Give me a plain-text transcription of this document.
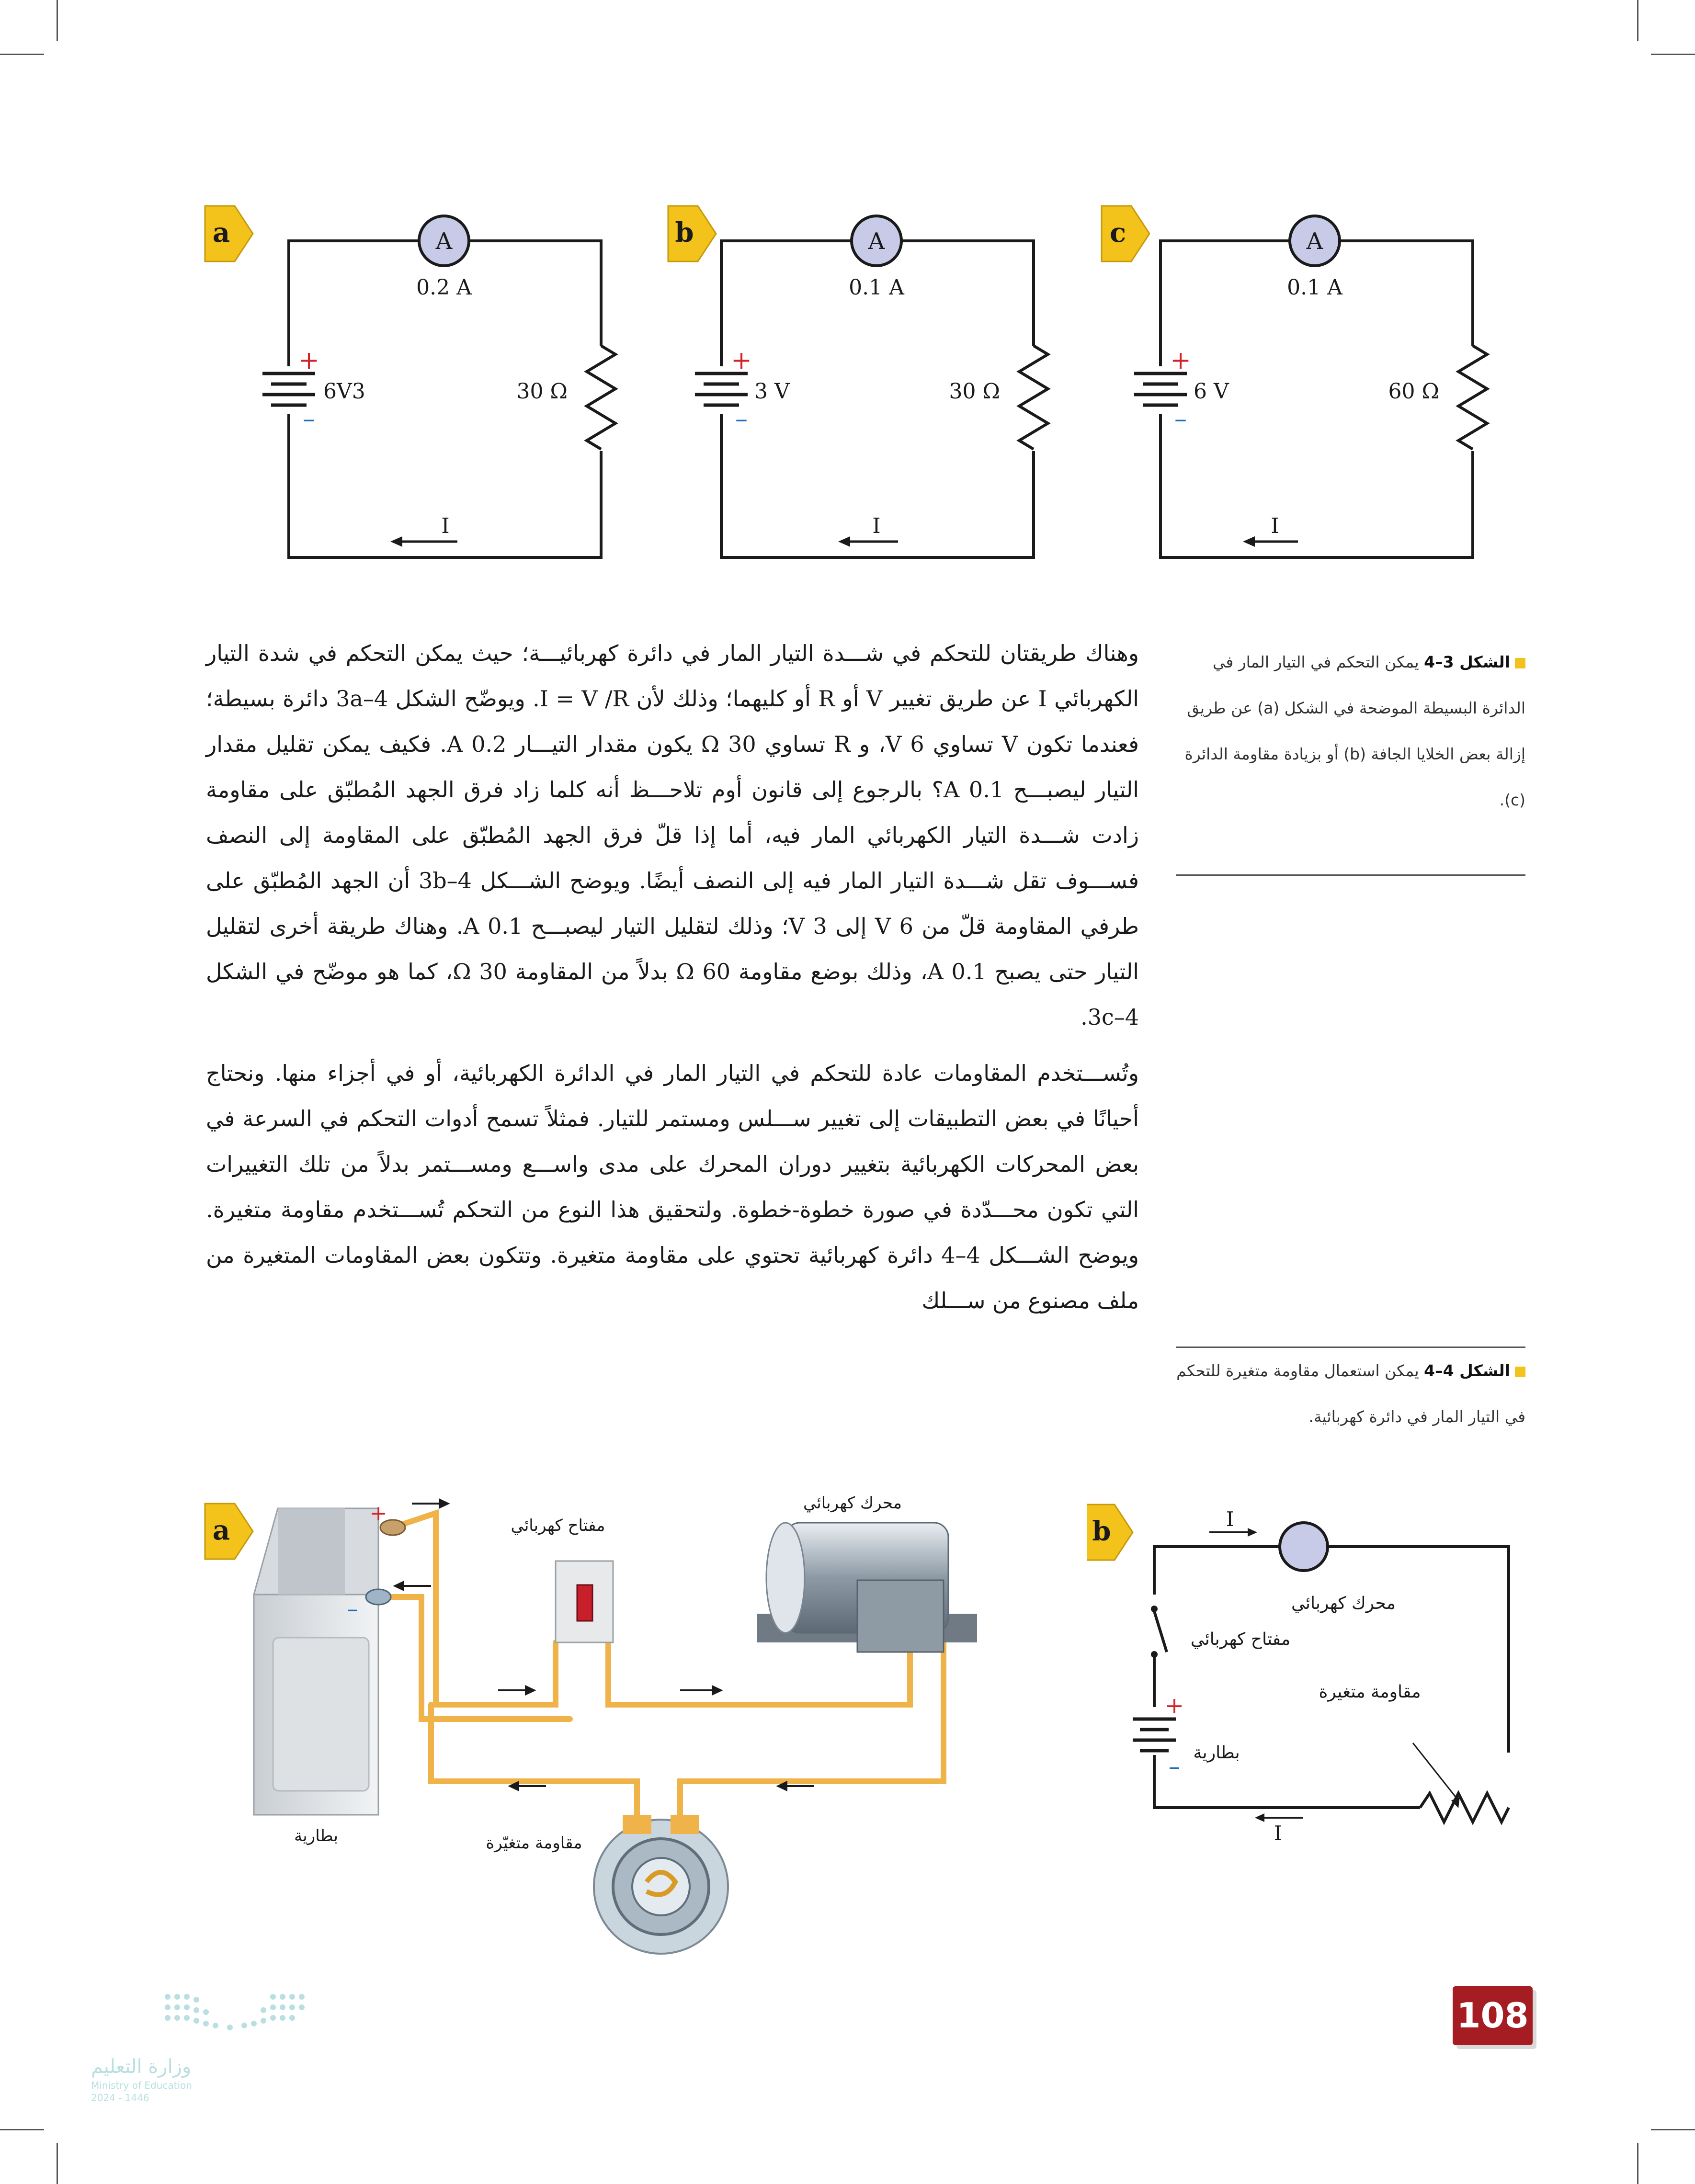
A
0.2 A
6V3	30 Ω
+
–
I
A
0.1 A
3 V	30 Ω
+
–
I
A
0.1 A
6 V	60 Ω
+
–
I
a	b	c
الشكل 3–4 يمكن التحكم في التيار المار في الدائرة البسيطة الموضحة في الشكل (a) عن طريق إزالة بعض الخلايا الجافة (b) أو بزيادة مقاومة الدائرة (c).

وهناك طريقتان للتحكم في شـــدة التيار المار في دائرة كهربائيـــة؛ حيث يمكن التحكم في شدة التيار الكهربائي I عن طريق تغيير V أو R أو كليهما؛ وذلك لأن I = V /R. ويوضّح الشكل 3a–4 دائرة بسيطة؛ فعندما تكون V تساوي 6 V، و R تساوي 30 Ω يكون مقدار التيـــار 0.2 A. فكيف يمكن تقليل مقدار التيار ليصبـــح 0.1 A؟ بالرجوع إلى قانون أوم تلاحـــظ أنه كلما زاد فرق الجهد المُطبّق على مقاومة زادت شـــدة التيار الكهربائي المار فيه، أما إذا قلّ فرق الجهد المُطبّق على المقاومة إلى النصف فســـوف تقل شـــدة التيار المار فيه إلى النصف أيضًا. ويوضح الشـــكل 3b–4 أن الجهد المُطبّق على طرفي المقاومة قلّ من 6 V إلى 3 V؛ وذلك لتقليل التيار ليصبـــح 0.1 A. وهناك طريقة أخرى لتقليل التيار حتى يصبح 0.1 A، وذلك بوضع مقاومة 60 Ω بدلاً من المقاومة 30 Ω، كما هو موضّح في الشكل 3c–4.

وتُســـتخدم المقاومات عادة للتحكم في التيار المار في الدائرة الكهربائية، أو في أجزاء منها. ونحتاج أحيانًا في بعض التطبيقات إلى تغيير ســـلس ومستمر للتيار. فمثلاً تسمح أدوات التحكم في السرعة في بعض المحركات الكهربائية بتغيير دوران المحرك على مدى واســـع ومســـتمر بدلاً من تلك التغييرات التي تكون محـــدّدة في صورة خطوة-خطوة. ولتحقيق هذا النوع من التحكم تُســـتخدم مقاومة متغيرة. ويوضح الشـــكل 4–4 دائرة كهربائية تحتوي على مقاومة متغيرة. وتتكون بعض المقاومات المتغيرة من ملف مصنوع من ســـلك

الشكل 4–4 يمكن استعمال مقاومة متغيرة للتحكم في التيار المار في دائرة كهربائية.
+
–
بطارية
مفتاح كهربائي
محرك كهربائي
مقاومة متغيّرة
a
+
–
I
I
محرك كهربائي
مفتاح كهربائي
مقاومة متغيرة
بطارية
b
108
وزارة التعليم
Ministry of Education
2024 - 1446
